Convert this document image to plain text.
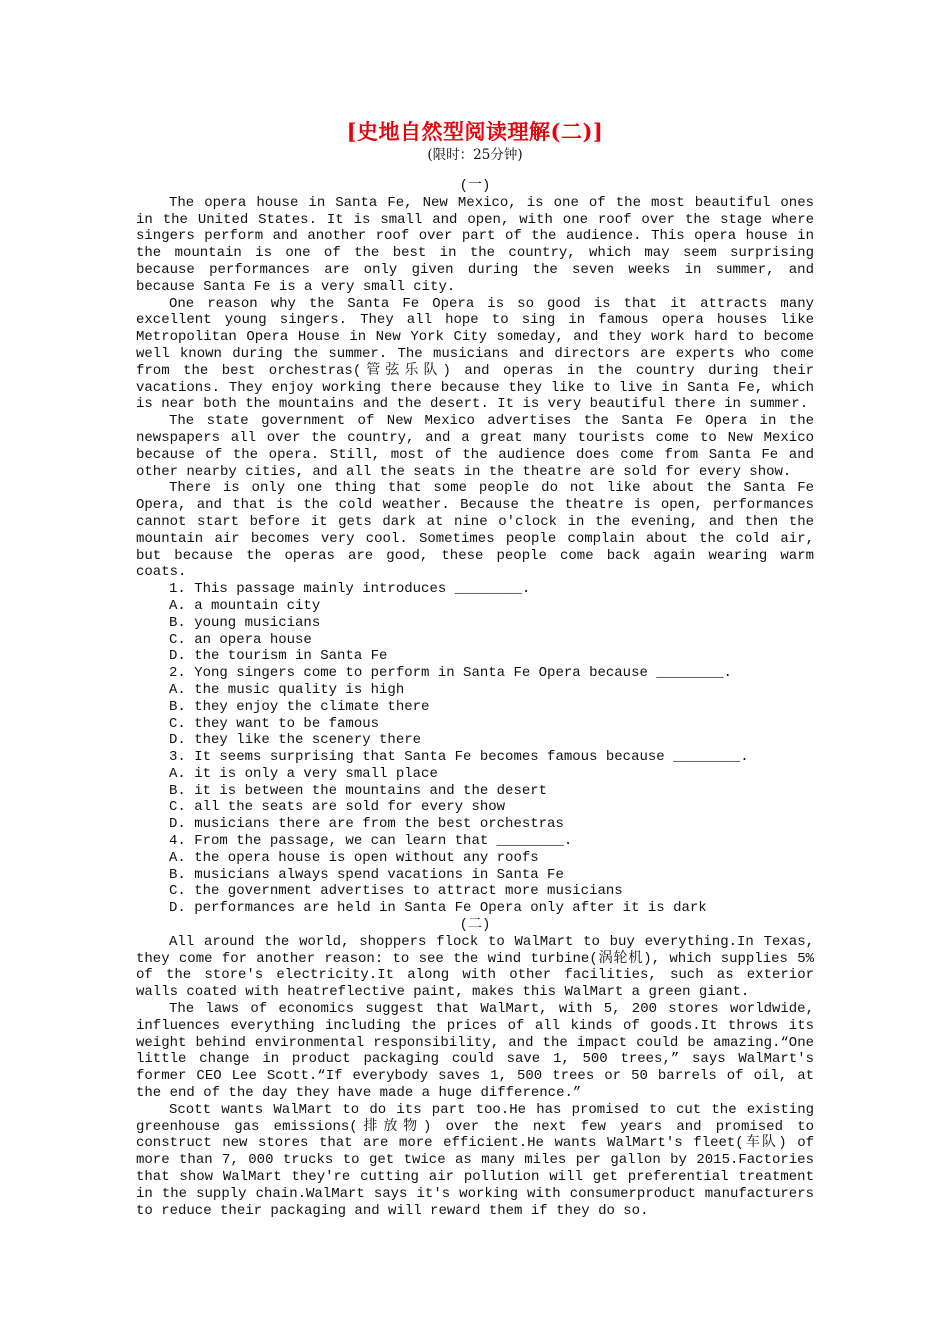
[史地自然型阅读理解(二)]
(限时：25分钟)

(一)

The opera house in Santa Fe, New Mexico, is one of the most beautiful ones in the United States. It is small and open, with one roof over the stage where singers perform and another roof over part of the audience. This opera house in the mountain is one of the best in the country, which may seem surprising because performances are only given during the seven weeks in summer, and because Santa Fe is a very small city.

One reason why the Santa Fe Opera is so good is that it attracts many excellent young singers. They all hope to sing in famous opera houses like Metropolitan Opera House in New York City someday, and they work hard to become well known during the summer. The musicians and directors are experts who come from the best orchestras(管弦乐队) and operas in the country during their vacations. They enjoy working there because they like to live in Santa Fe, which is near both the mountains and the desert. It is very beautiful there in summer.

The state government of New Mexico advertises the Santa Fe Opera in the newspapers all over the country, and a great many tourists come to New Mexico because of the opera. Still, most of the audience does come from Santa Fe and other nearby cities, and all the seats in the theatre are sold for every show.

There is only one thing that some people do not like about the Santa Fe Opera, and that is the cold weather. Because the theatre is open, performances cannot start before it gets dark at nine o'clock in the evening, and then the mountain air becomes very cool. Sometimes people complain about the cold air, but because the operas are good, these people come back again wearing warm coats.

1. This passage mainly introduces ________.

A. a mountain city

B. young musicians

C. an opera house

D. the tourism in Santa Fe

2. Yong singers come to perform in Santa Fe Opera because ________.

A. the music quality is high

B. they enjoy the climate there

C. they want to be famous

D. they like the scenery there

3. It seems surprising that Santa Fe becomes famous because ________.

A. it is only a very small place

B. it is between the mountains and the desert

C. all the seats are sold for every show

D. musicians there are from the best orchestras

4. From the passage, we can learn that ________.

A. the opera house is open without any roofs

B. musicians always spend vacations in Santa Fe

C. the government advertises to attract more musicians

D. performances are held in Santa Fe Opera only after it is dark

(二)

All around the world, shoppers flock to WalMart to buy everything.In Texas, they come for another reason: to see the wind turbine(涡轮机), which supplies 5% of the store's electricity.It along with other facilities, such as exterior walls coated with heatreflective paint, makes this WalMart a green giant.

The laws of economics suggest that WalMart, with 5, 200 stores worldwide, influences everything including the prices of all kinds of goods.It throws its weight behind environmental responsibility, and the impact could be amazing.“One little change in product packaging could save 1, 500 trees,” says WalMart's former CEO Lee Scott.“If everybody saves 1, 500 trees or 50 barrels of oil, at the end of the day they have made a huge difference.”

Scott wants WalMart to do its part too.He has promised to cut the existing greenhouse gas emissions(排放物) over the next few years and promised to construct new stores that are more efficient.He wants WalMart's fleet(车队) of more than 7, 000 trucks to get twice as many miles per gallon by 2015.Factories that show WalMart they're cutting air pollution will get preferential treatment in the supply chain.WalMart says it's working with consumerproduct manufacturers to reduce their packaging and will reward them if they do so.
